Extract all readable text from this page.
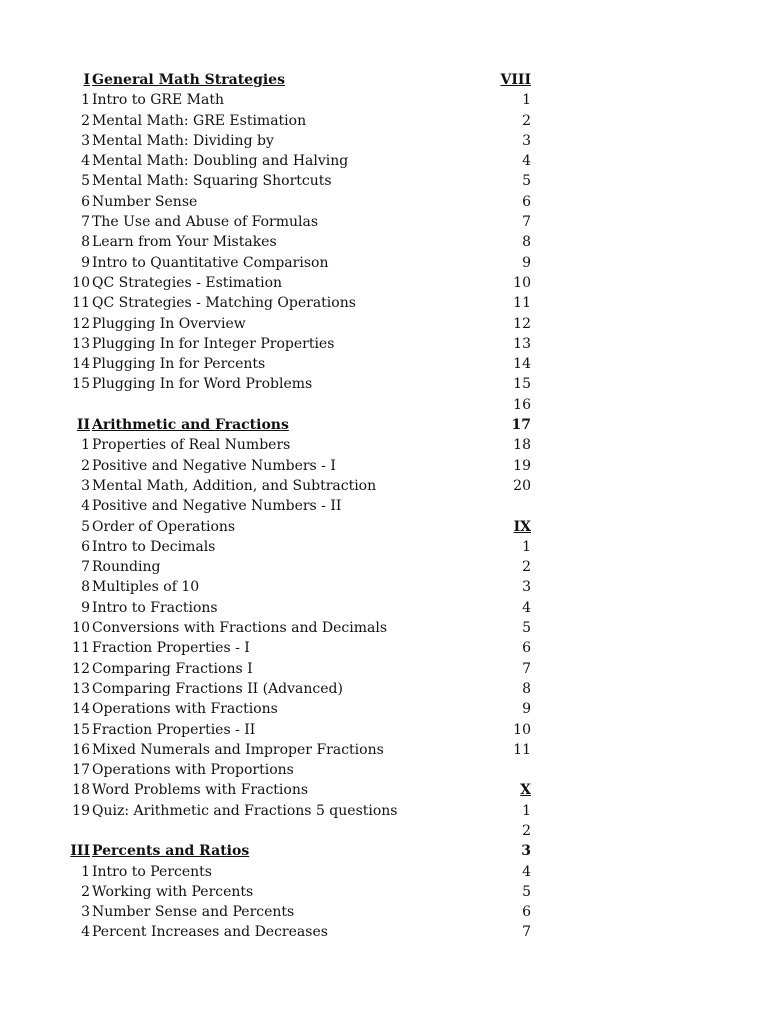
I General Math Strategies	VIII
1 Intro to GRE Math	1
2 Mental Math: GRE Estimation	2
3 Mental Math: Dividing by	3
4 Mental Math: Doubling and Halving	4
5 Mental Math: Squaring Shortcuts	5
6 Number Sense	6
7 The Use and Abuse of Formulas	7
8 Learn from Your Mistakes	8
9 Intro to Quantitative Comparison	9
10 QC Strategies - Estimation	10
11 QC Strategies - Matching Operations	11
12 Plugging In Overview	12
13 Plugging In for Integer Properties	13
14 Plugging In for Percents	14
15 Plugging In for Word Problems	15
16
II Arithmetic and Fractions	17
1 Properties of Real Numbers	18
2 Positive and Negative Numbers - I	19
3 Mental Math, Addition, and Subtraction	20
4 Positive and Negative Numbers - II
5 Order of Operations	IX
6 Intro to Decimals	1
7 Rounding	2
8 Multiples of 10	3
9 Intro to Fractions	4
10 Conversions with Fractions and Decimals	5
11 Fraction Properties - I	6
12 Comparing Fractions I	7
13 Comparing Fractions II (Advanced)	8
14 Operations with Fractions	9
15 Fraction Properties - II	10
16 Mixed Numerals and Improper Fractions	11
17 Operations with Proportions
18 Word Problems with Fractions	X
19 Quiz: Arithmetic and Fractions 5 questions	1
2
III Percents and Ratios	3
1 Intro to Percents	4
2 Working with Percents	5
3 Number Sense and Percents	6
4 Percent Increases and Decreases	7
